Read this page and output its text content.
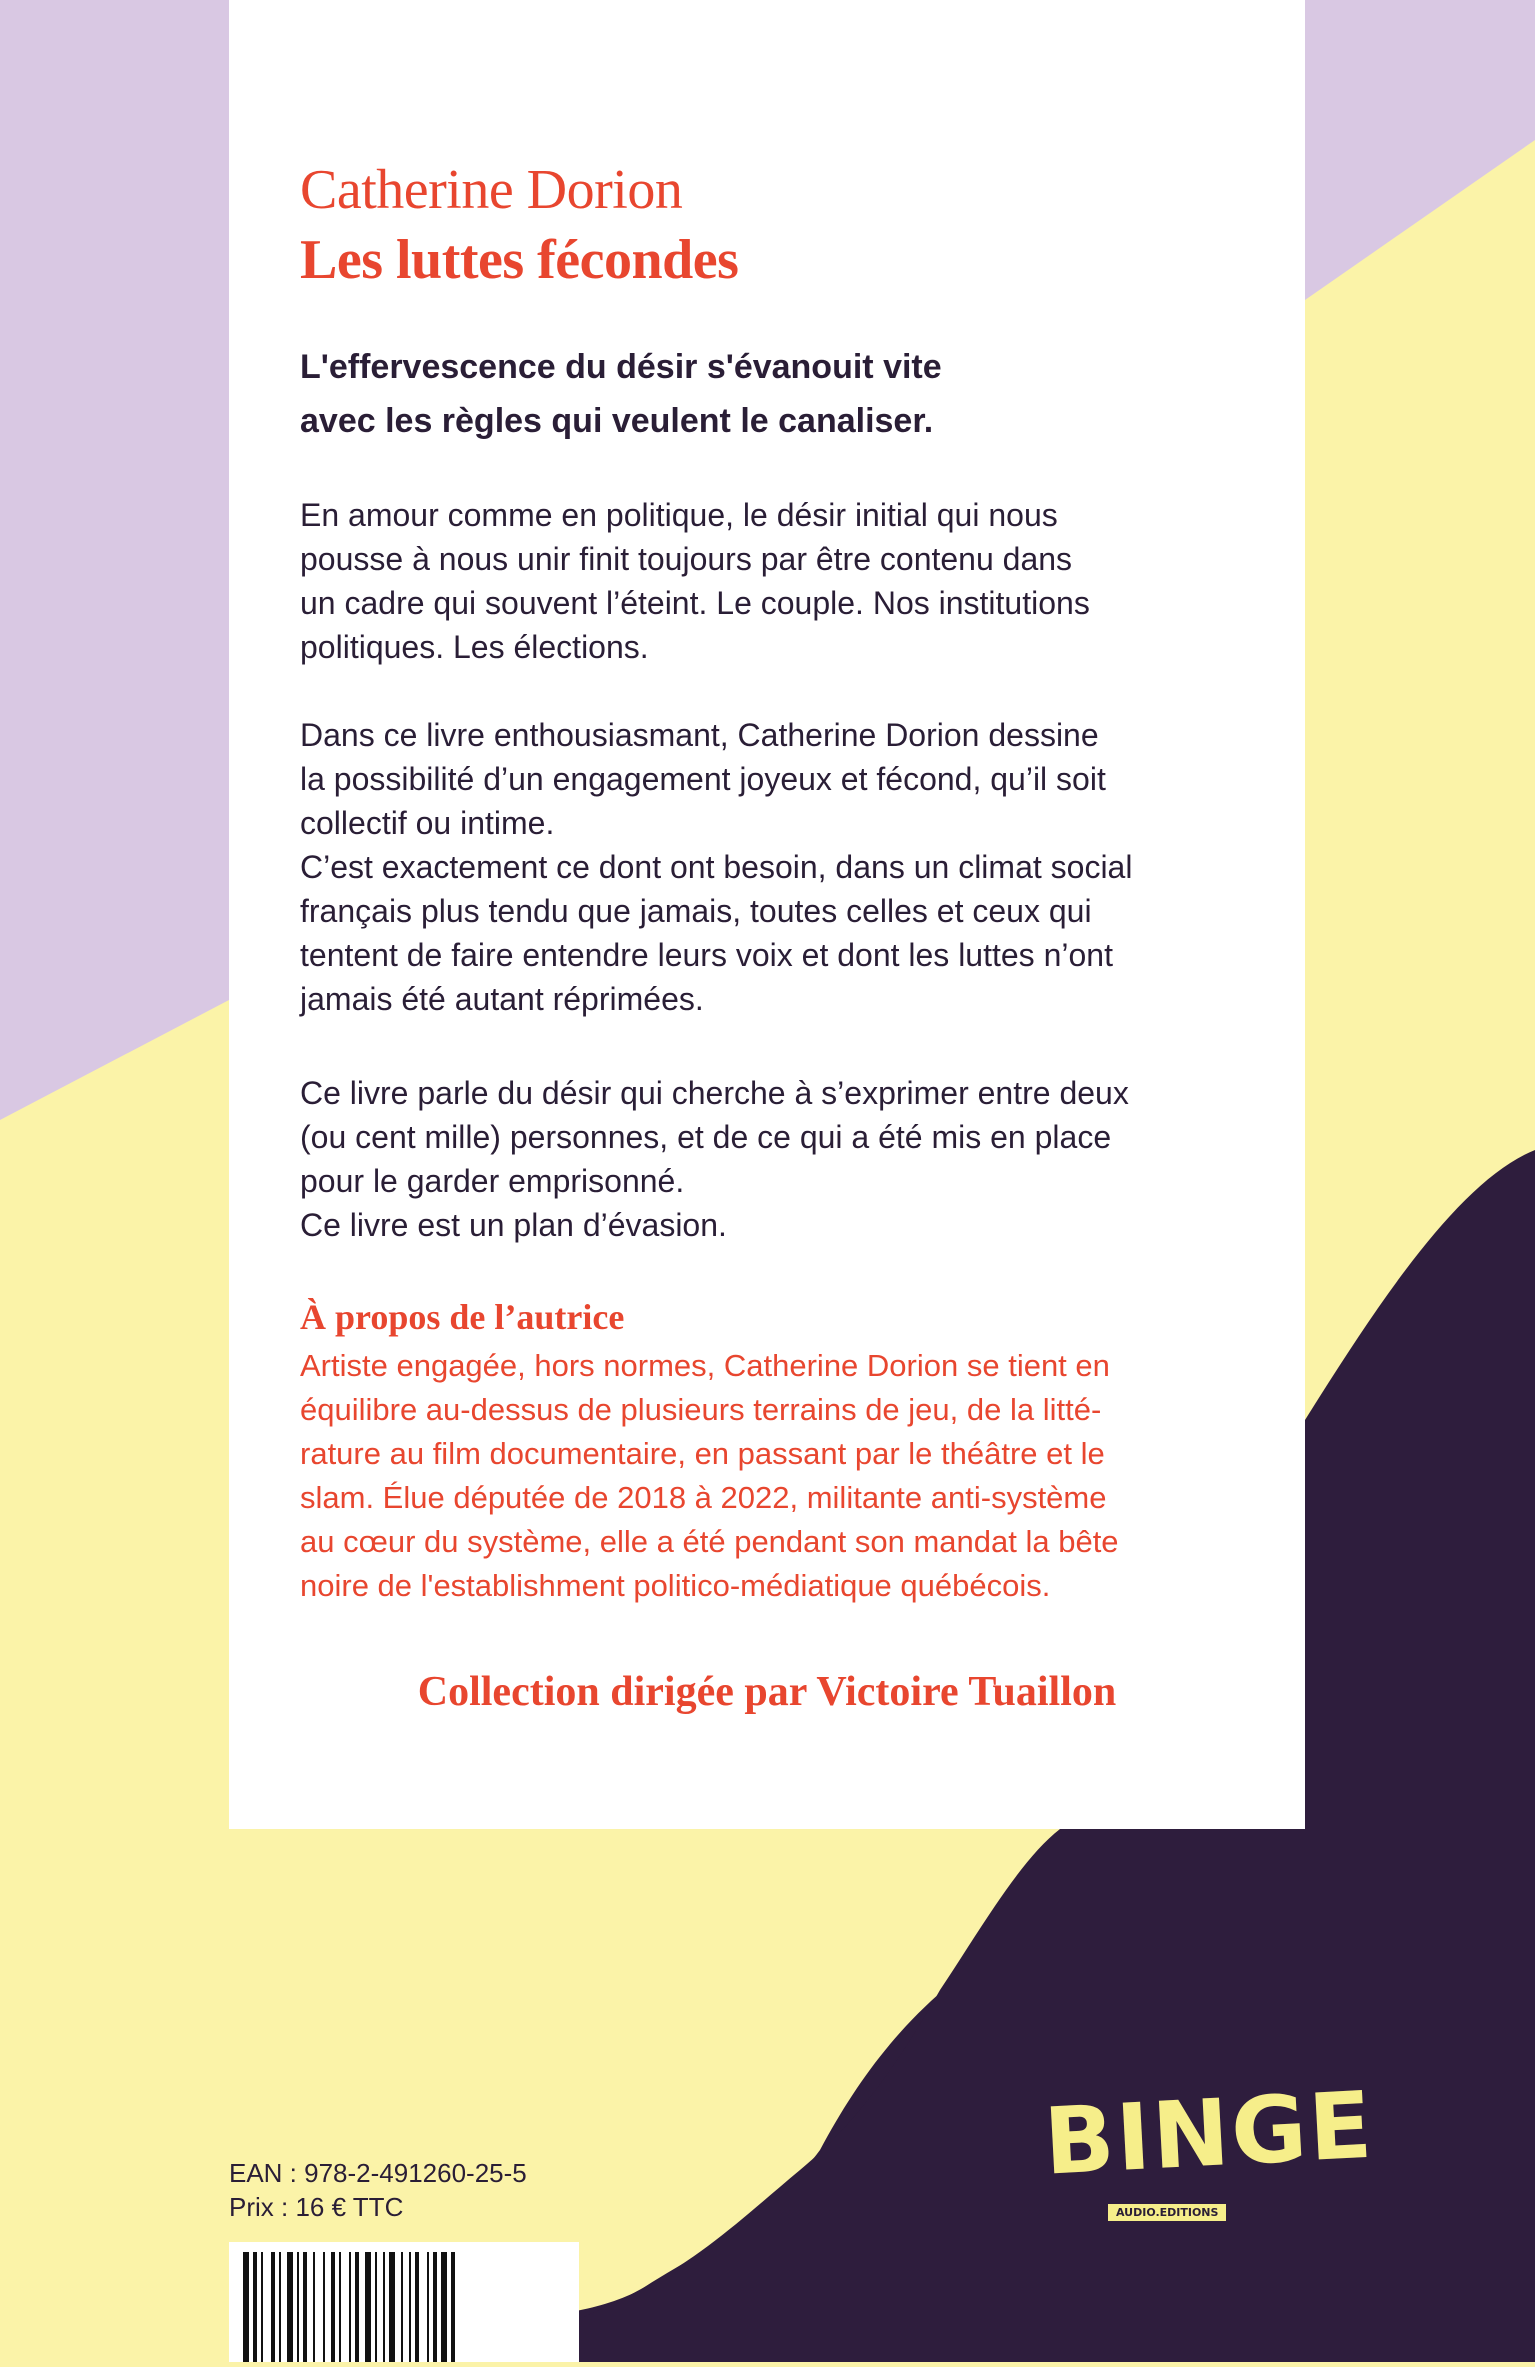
Catherine Dorion
Les luttes fécondes
L'effervescence du désir s'évanouit vite
avec les règles qui veulent le canaliser.
En amour comme en politique, le désir initial qui nous
pousse à nous unir finit toujours par être contenu dans
un cadre qui souvent l’éteint. Le couple. Nos institutions
politiques. Les élections.
Dans ce livre enthousiasmant, Catherine Dorion dessine
la possibilité d’un engagement joyeux et fécond, qu’il soit
collectif ou intime.
C’est exactement ce dont ont besoin, dans un climat social
français plus tendu que jamais, toutes celles et ceux qui
tentent de faire entendre leurs voix et dont les luttes n’ont
jamais été autant réprimées.
Ce livre parle du désir qui cherche à s’exprimer entre deux
(ou cent mille) personnes, et de ce qui a été mis en place
pour le garder emprisonné.
Ce livre est un plan d’évasion.
À propos de l’autrice
Artiste engagée, hors normes, Catherine Dorion se tient en
équilibre au-dessus de plusieurs terrains de jeu, de la litté-
rature au film documentaire, en passant par le théâtre et le
slam. Élue députée de 2018 à 2022, militante anti-système
au cœur du système, elle a été pendant son mandat la bête
noire de l'establishment politico-médiatique québécois.
Collection dirigée par Victoire Tuaillon
EAN : 978-2-491260-25-5
Prix : 16 € TTC
BINGE
AUDIO.EDITIONS
